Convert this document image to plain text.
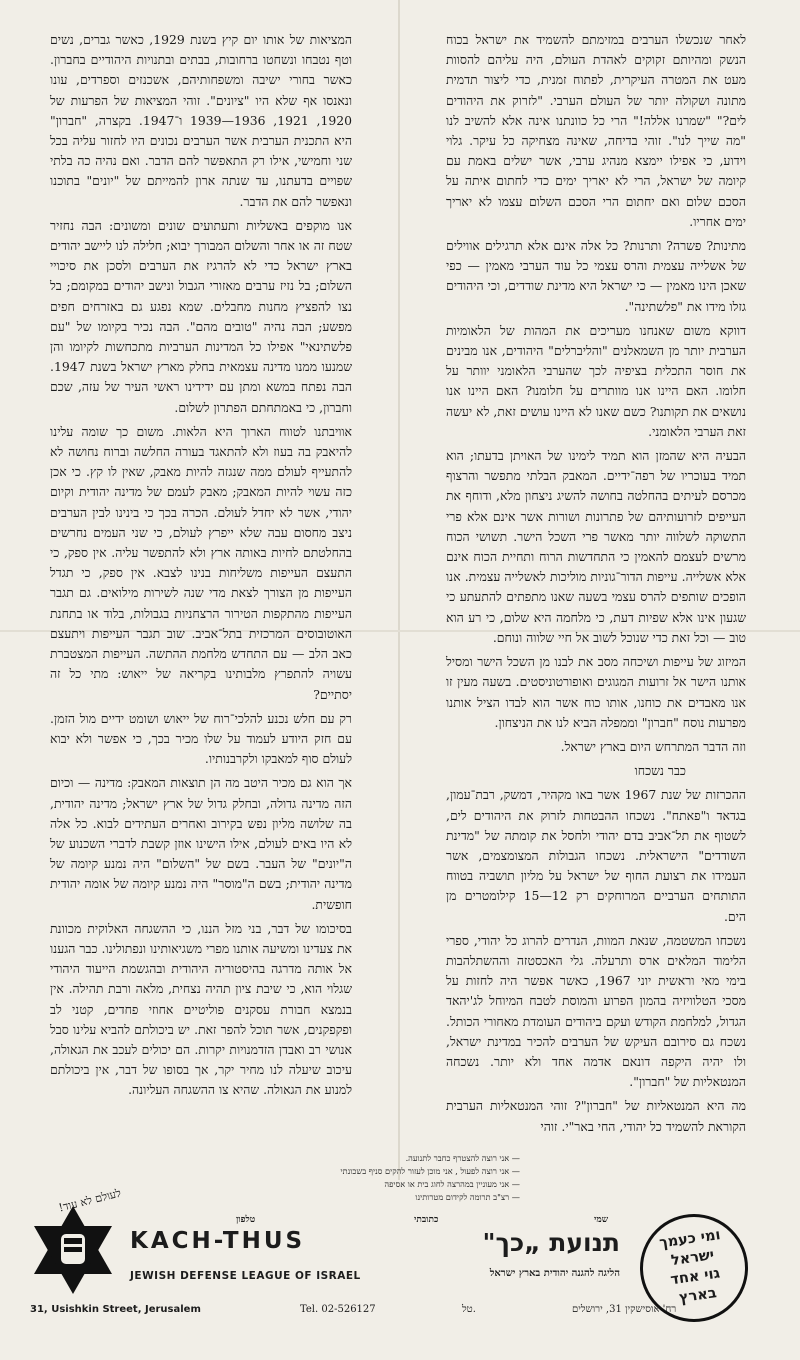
לאחר שנכשלו הערבים במזימתם להשמיד את ישראל בכוח הנשק ומהיותם זקוקים לאהדת העולם, היה עליהם להסוות מעט את המטרה העיקרית, לפתוח זמנית, כדי ליצור תדמית מתונה ושקולה יותר של העולם הערבי. "לזרוק את היהודים לים?" "שמרנו אללה!" הרי כל כוונתנו אינה אלא להשיב לנו "מה שייך לנו". זוהי בדיחה, שאינה מצחיקה כל עיקר. גלוי וידוע, כי אפילו יימצא מנהיג ערבי, אשר ישלים באמת עם קיומה של ישראל, הרי לא יאריך ימים כדי לחתום איתה על הסכם שלום ואם יחתום הרי הסכם השלום עצמו לא יאריך ימים אחריו.

מתינות? פשרה? ותרנות? כל אלה אינם אלא תרגילים אווילים של אשלייה עצמית והרס עצמי כל עוד הערבי מאמין — כפי שאכן הינו מאמין — כי ישראל היא מדינת שודדים, וכי היהודים גזלו מידו את "פלשתינה".

דווקא משום שאנחנו מעריכים את המהות של הלאומיות הערבית יותר מן השמאלנים "והליברלים" היהודים, אנו מבינים את חוסר התכלית בציפיה לכך שהערבי הלאומני יוותר על חלומו. האם היינו אנו מוותרים על חלומנו? האם היינו אנו נושאים את תקותנו? כשם שאנו לא היינו עושים זאת, לא יעשה זאת הערבי הלאומני.

הבעיה היא שהמזן הוא תמיד לימינו של האויתן בדעתו; הוא תמיד בעוכריו של רפה־ידיים. המאבק הבלתי מתפשר והרצוף מכרסם לעיתים בהחלטה בחושה להשיג ניצחון מלא, ודוחף את העייפים לזרועותיהם של פתרונות ושורות אשר אינם אלא פרי התשוקה לשלווה יותר מאשר פרי השכל הישר. תשושי הכוח מרשים לעצמם להאמין כי התחדשות הרוח ותחיית הכוח אינם אלא אשלייה. עייפות הדור־גוניות מוליכות לאשלייה עצמית. אנו הופכים שותפים להרס עצמי בשעה שאנו מתפתים להתעתע כי שגעון אינו אלא שפיות דעת, כי מלחמה היא שלום, כי רע הוא טוב — וכל זאת כדי שנוכל לשוב אל חיי שלווה ונוחם.

המיזוג של עייפות ושיכחה מסב את לבנו מן השכל הישר ומסיל אותנו הישר אל זרועות המגוגים ואופורטוניסטים. בשעה מעין זו אנו מאבדים את כוחנו, אותו כוח אשר הוא לבדו הציל אותנו מפרעות נוסח "חברון" וממפלה הביא לנו את הניצחון.

וזה הדבר המתרחש היום בארץ ישראל.

כבר נשכחו

ההכרזות של שנת 1967 אשר באו מקהיר, דמשק, רבת־עמון, בגדאד ו"פאתח". נשכחו ההבטחות לזרוק את היהודים לים, לשטוף את תל־אביב בדם יהודי ולחסל את קומתה של "מדינת השודדים" הישראלית. נשכחו הגבולות המצומצמים, אשר העמידו את רצועת החוף של ישראל על מליון תושביה בטווח התותחים הערביים המרוחקים רק 12—15 קילומטרים מן הים.

נשכחו המשטמה, שנאת המוות, הנדרים להרוג כל יהודי, ספרי הלימוד המלאים ארס ותרעלה. גלי האכסטזה וההשתלהבות בימי מאי וראשית יוני 1967, כאשר אפשר היה לחזות על מסכי הטלוויזיה בהמון הפרוע והמוסת לטבח המיוחל לג'יהאד הגדול, למלחמת הקודש ועקם ביהודים העומדת מאחורי הכותל. נשכח גם סירובם העיקש של הערבים להכיר במדינת ישראל, ולו יהיה היקפה דונאם אדמה אחד ולא יותר. נשכחה המנטאליות של "חברון".

מה היא המנטאליות של "חברון"? זוהי המנטאליות הערבית הקוראת להשמיד כל יהודי, החי באר"י. זוהי

המציאות של אותו יום קיץ בשנת 1929, כאשר גברים, נשים וטף נטבחו ונשחטו ברחובות, בבתים ובתנויות היהודיים בחברון. כאשר בחורי ישיבה ומשפחותיהם, אשכנזים וספרדים, עונו ונאנסו אף שלא היו "ציונים". זוהי המציאות של הפרעות של 1920, 1921, 1936—1939 ו־1947. בקצרה, "חברון" היא התכנית הערבית אשר הערבים נכונים היו לחזור עליה בכל שני וחמישי, אילו רק התאפשר להם הדבר. ואם נהיה כה בלתי שפויים בדעתנו, עד שנתה ארון להמייתם של "יונים" בתוכנו ונאפשר להם את הדבר.

אנו מוקפים באשליות ותעתועים שונים ומשונים: הבה נחזיר שטח זה או אחר והשלום המבורך יבוא; חלילה לנו ליישב יהודים בארץ ישראל כדי לא להרגיז את הערבים ולסכן את סיכויי השלום; בל נזיז ערבים מאזורי הגבול ונישב יהודים במקומם; בל נצו להפציץ מחנות מחבלים. שמא נפגע גם באזרחים חפים מפשע; הבה נהיה "טובים מהם". הבה נכיר בקיומו של "עם פלשתינאי" אפילו כל המדינות הערביות מתכחשות לקיומו והן שמנעו ממנו מדינה עצמאית בחלק מארץ ישראל בשנת 1947. הבה נפתח במשא ומתן עם ידידינו ראשי העיר של עזה, שכם וחברון, כי באמתחתם הפתרון לשלום.

אוויבתנו לטווח הארוך היא הלאות. משום כך שומה עלינו להיאבק בה בעוז ולא להתאגד בעורה החלשה וברוח נחושה לא להתעייף לעולם ממה שנגזה להיות מאבק, שאין לו קץ. כי אכן כזה עשוי להיות המאבק; מאבק לעמם של מדינה יהודית וקיום יהודי, אשר לא יחדל לעולם. הכרה בכך כי בינינו לבין הערבים ניצב מחסום עבה שלא ייפרץ לעולם, כי שני העמים נחרשים בהחלטתם לחיות באותה ארץ ולא להתפשר עליה. אין ספק, כי התעצם העייפות משליחות בנינו לצבא. אין ספק, כי תגדל העייפות מן הצורך לצאת מדי שנה לשירות מילואים. גם תגבר העייפות מהתקפות הטירור הרצחניות בגבולות, בלוד או בתחנת האוטובוסים המרכזית בתל־אביב. שוב תגבר העייפות ויתעצם כאב הלב — עם התחדש מלחמת ההתשה. העייפות המצטברת עשויה להתפרץ מלבותינו בקריאה של ייאוש: מתי כל זה יסתיים?

רק עם חלש נכנע להלכי־רוח של ייאוש ושומט ידיים מול הזמן. עם חזק היודע לעמוד על שלו מכיר בכך, כי אפשר ולא יבוא לעולם סוף למאבקו ולקרבנותיו.

אך הוא גם מכיר היטב מה הן תוצאות המאבק: מדינה — וכיום הזה מדינה גדולה, ובחלק גדול של ארץ ישראל; מדינה יהודית, בה שלושה מליון נפש בקירוב ואחרים העתידים לבוא. כל אלה לא היו באים לעולם, אילו הישינו אוזן קשבת לדברי השכנוע של ה"יונים" של העבר. בשם של "השלום" היה נמנע קיומה של מדינה יהודית; בשם ה"מוסר" היה נמנע קיומה של אומה יהודית חופשית.

בסיכומו של דבר, בני מזל הננו, כי ההשגחה האלוקית מכוונת את צעדינו ומשיעה אותנו מפרי משגיאותינו ונפתולינו. כבר הגענו אל אותה מדרגה בהיסטוריה היהודית ובהגשמת הייעוד היהודי שגלוי הוא, כי שיבת ציון תהיה נצחית, מלאה ורבת תהילה. אין בנמצא חבורת עסקנים פוליטיים אחוזי פחדים, קטני לב ופקפקנים, אשר תוכל להפר זאת. יש ביכולתם להביא עלינו סבל אנושי רב ואבדן הזדמנויות יקרות. הם יכולים לעכב את הגאולה, עיכוב שיעלה לנו מחיר יקר, אך בסופו של דבר, אין ביכולתם למנוע את הגאולה. שהיא צו ההשגחה העליונה.

— אני רוצה להצטרף כחבר לתנועה.
— אני רוצה לפעול , אני מוכן לעזור להקים סניף בשכונתי
— אני מעוניין במהרצה לחוג בית או אסיפה
— רצ"ב תרומה לקידום מטרותינו
שמי
כתובתי
טלפון
לעולם לא עוד!
KACH-THUS
JEWISH DEFENSE LEAGUE OF ISRAEL
תנועת „כך"
הליגה להגנה יהודית בארץ ישראל
ומי כעמך
ישראל
גוי אחד
בארץ
31, Usishkin Street, Jerusalem	Tel. 02-526127	טל.	רח' אוסישקין 31, ירושלים
